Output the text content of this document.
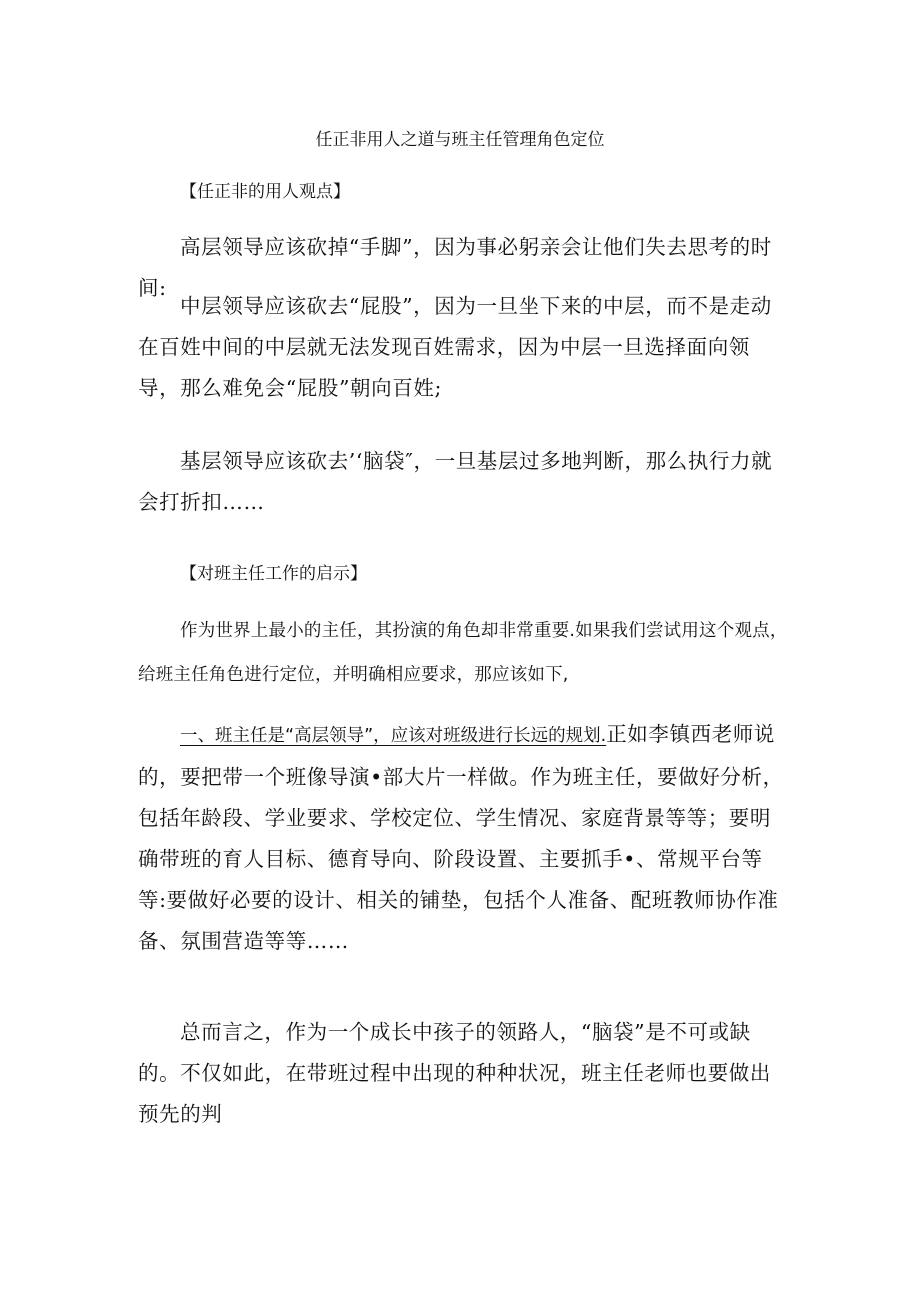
任正非用人之道与班主任管理角色定位
【任正非的用人观点】

高层领导应该砍掉“手脚”，因为事必躬亲会让他们失去思考的时间:

中层领导应该砍去“屁股”，因为一旦坐下来的中层，而不是走动在百姓中间的中层就无法发现百姓需求，因为中层一旦选择面向领导，那么难免会“屁股”朝向百姓;

基层领导应该砍去’‘脑袋″，一旦基层过多地判断，那么执行力就会打折扣……

【对班主任工作的启示】

作为世界上最小的主任，其扮演的角色却非常重要.如果我们尝试用这个观点，给班主任角色进行定位，并明确相应要求，那应该如下,

一、班主任是“高层领导”，应该对班级进行长远的规划.正如李镇西老师说的，要把带一个班像导演•部大片一样做。作为班主任，要做好分析，包括年龄段、学业要求、学校定位、学生情况、家庭背景等等；要明确带班的育人目标、德育导向、阶段设置、主要抓手•、常规平台等等:要做好必要的设计、相关的铺垫，包括个人准备、配班教师协作准备、氛围营造等等……

总而言之，作为一个成长中孩子的领路人，“脑袋”是不可或缺的。不仅如此，在带班过程中出现的种种状况，班主任老师也要做出预先的判
